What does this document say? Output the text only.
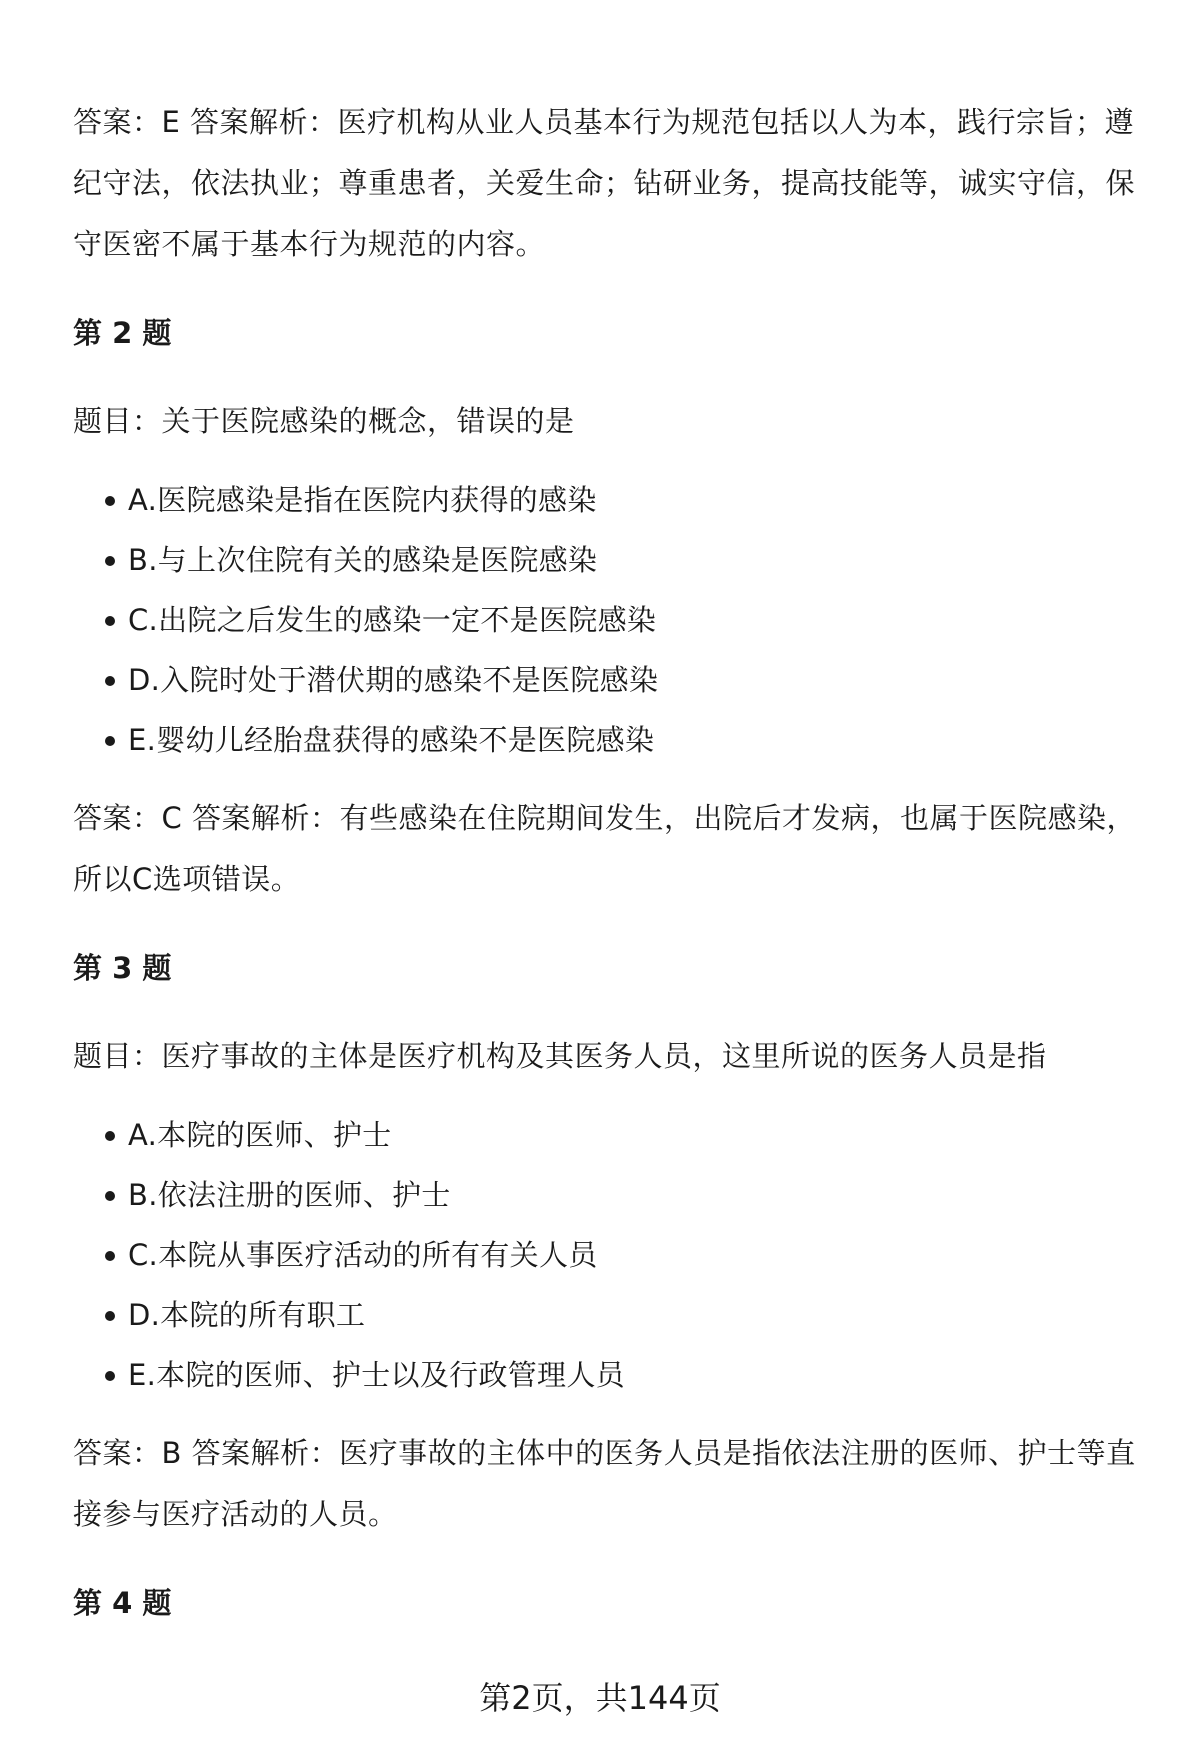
答案：E 答案解析：医疗机构从业人员基本行为规范包括以人为本，践行宗旨；遵纪守法，依法执业；尊重患者，关爱生命；钻研业务，提高技能等，诚实守信，保守医密不属于基本行为规范的内容。

第 2 题

题目：关于医院感染的概念，错误的是

A.医院感染是指在医院内获得的感染
B.与上次住院有关的感染是医院感染
C.出院之后发生的感染一定不是医院感染
D.入院时处于潜伏期的感染不是医院感染
E.婴幼儿经胎盘获得的感染不是医院感染

答案：C 答案解析：有些感染在住院期间发生，出院后才发病，也属于医院感染，所以C选项错误。

第 3 题

题目：医疗事故的主体是医疗机构及其医务人员，这里所说的医务人员是指

A.本院的医师、护士
B.依法注册的医师、护士
C.本院从事医疗活动的所有有关人员
D.本院的所有职工
E.本院的医师、护士以及行政管理人员

答案：B 答案解析：医疗事故的主体中的医务人员是指依法注册的医师、护士等直接参与医疗活动的人员。

第 4 题
第2页，共144页
